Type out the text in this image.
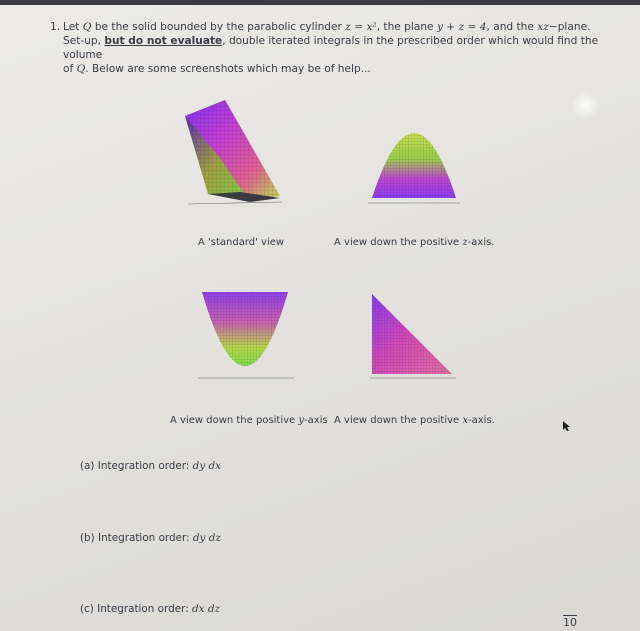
1. Let Q be the solid bounded by the parabolic cylinder z = x², the plane y + z = 4, and the xz−plane.
Set-up, but do not evaluate, double iterated integrals in the prescribed order which would find the volume
of Q. Below are some screenshots which may be of help...
A 'standard' view	A view down the positive z-axis.
A view down the positive y-axis A view down the positive x-axis.
(a) Integration order: dy dx
(b) Integration order: dy dz
(c) Integration order: dx dz
10
